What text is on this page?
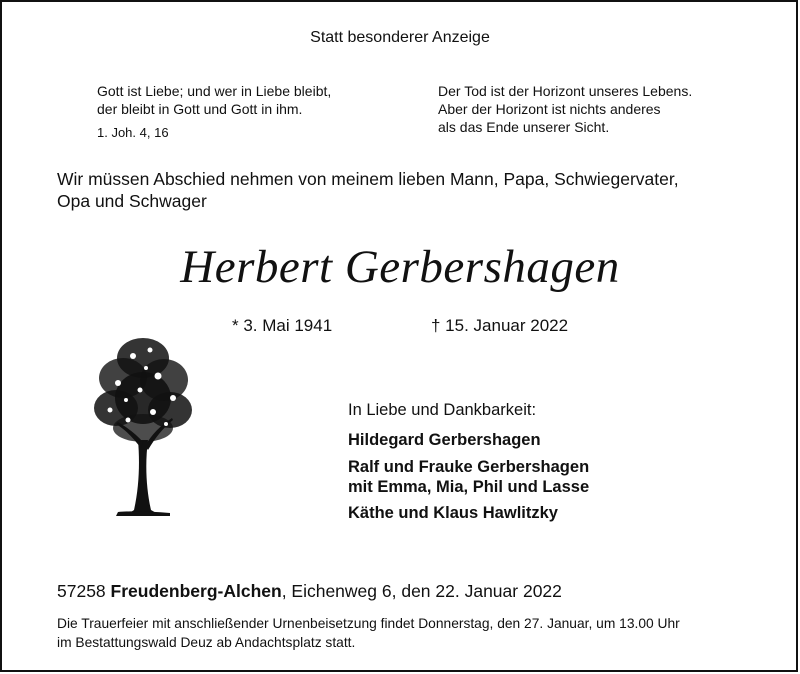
Statt besonderer Anzeige
Gott ist Liebe; und wer in Liebe bleibt,
der bleibt in Gott und Gott in ihm.
1. Joh. 4, 16
Der Tod ist der Horizont unseres Lebens.
Aber der Horizont ist nichts anderes
als das Ende unserer Sicht.
Wir müssen Abschied nehmen von meinem lieben Mann, Papa, Schwiegervater,
Opa und Schwager
Herbert Gerbershagen
* 3. Mai 1941	† 15. Januar 2022
In Liebe und Dankbarkeit:
Hildegard Gerbershagen
Ralf und Frauke Gerbershagen
mit Emma, Mia, Phil und Lasse
Käthe und Klaus Hawlitzky
57258 Freudenberg-Alchen, Eichenweg 6, den 22. Januar 2022
Die Trauerfeier mit anschließender Urnenbeisetzung findet Donnerstag, den 27. Januar, um 13.00 Uhr
im Bestattungswald Deuz ab Andachtsplatz statt.
